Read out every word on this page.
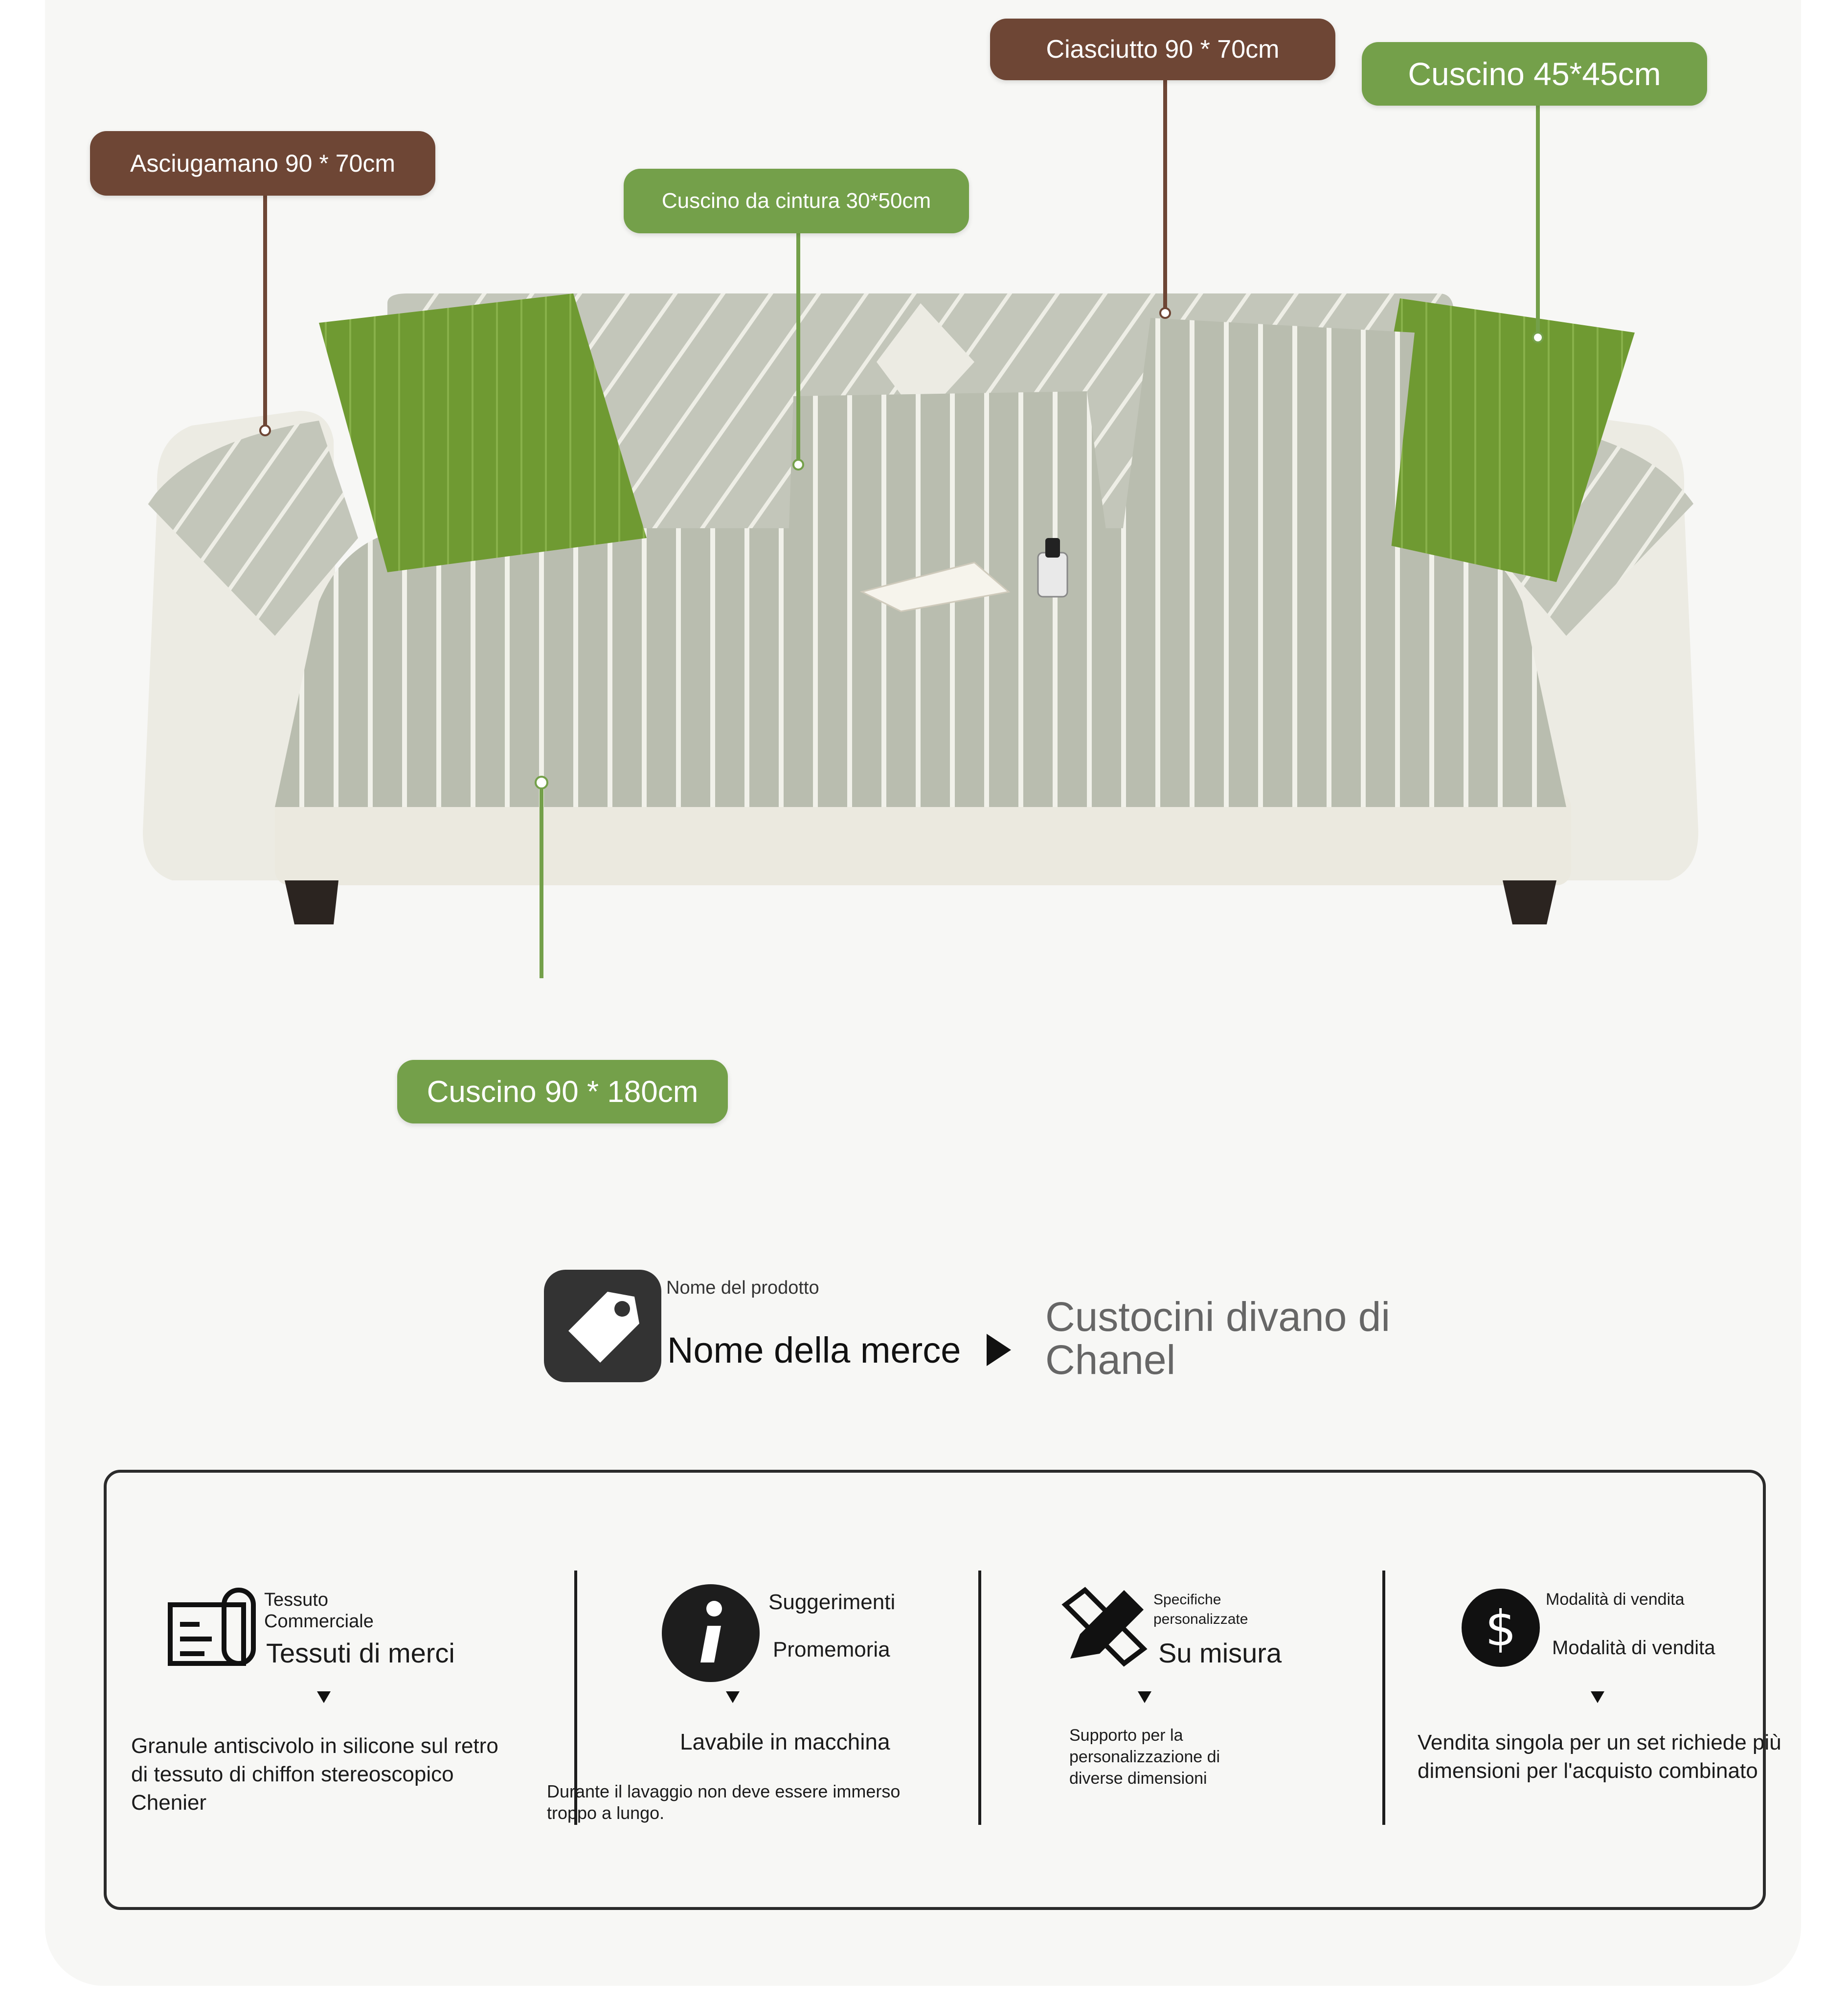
Asciugamano 90 * 70cm
Cuscino da cintura 30*50cm
Ciasciutto 90 * 70cm
Cuscino 45*45cm
Cuscino 90 * 180cm
Nome del prodotto
Nome della merce
Custocini divano di Chanel
Tessuto Commerciale
Tessuti di merci
Granule antiscivolo in silicone sul retro di tessuto di chiffon stereoscopico Chenier
Suggerimenti
Promemoria
Lavabile in macchina
Durante il lavaggio non deve essere immerso troppo a lungo.
Specifiche personalizzate
Su misura
Supporto per la personalizzazione di diverse dimensioni
$
Modalità di vendita
Modalità di vendita
Vendita singola per un set richiede più dimensioni per l'acquisto combinato
